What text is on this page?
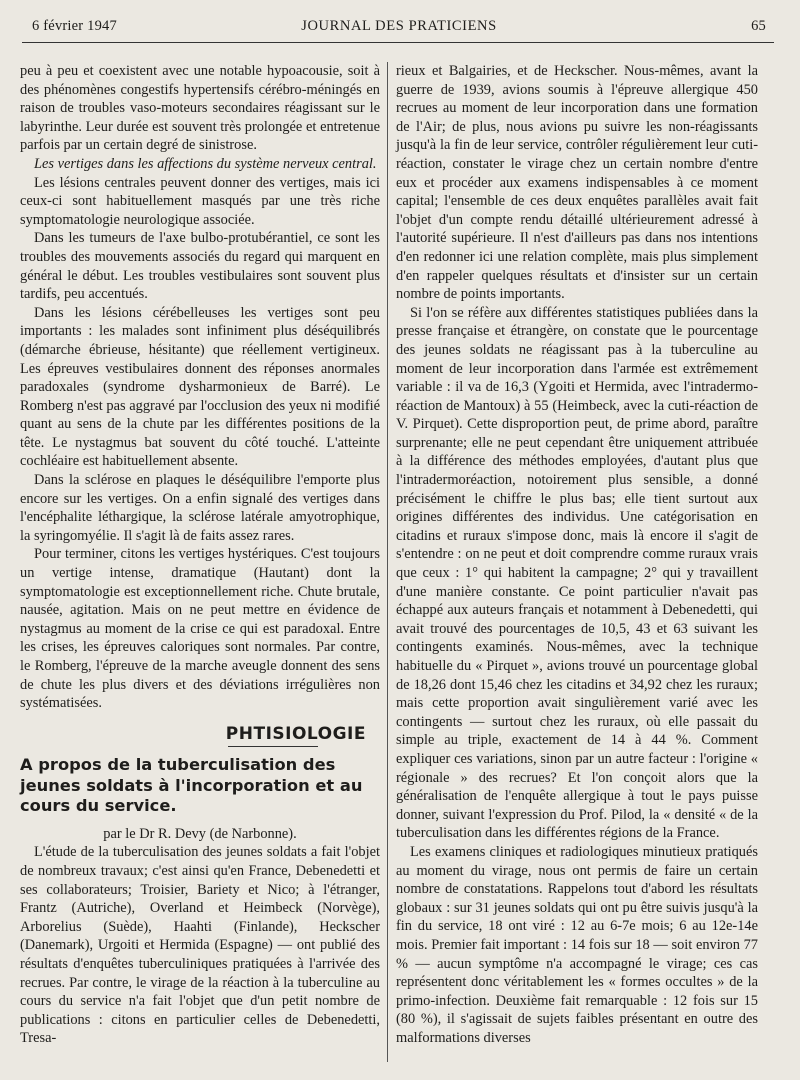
6 février 1947	JOURNAL DES PRATICIENS	65

peu à peu et coexistent avec une notable hypoacousie, soit à des phénomènes congestifs hypertensifs cérébro-méningés en raison de troubles vaso-moteurs secondaires réagissant sur le labyrinthe. Leur durée est souvent très prolongée et entretenue parfois par un certain degré de sinistrose.

Les vertiges dans les affections du système nerveux central.

Les lésions centrales peuvent donner des vertiges, mais ici ceux-ci sont habituellement masqués par une très riche symptomatologie neurologique associée.

Dans les tumeurs de l'axe bulbo-protubérantiel, ce sont les troubles des mouvements associés du regard qui marquent en général le début. Les troubles vestibulaires sont souvent plus tardifs, peu accentués.

Dans les lésions cérébelleuses les vertiges sont peu importants : les malades sont infiniment plus déséquilibrés (démarche ébrieuse, hésitante) que réellement vertigineux. Les épreuves vestibulaires donnent des réponses anormales paradoxales (syndrome dysharmonieux de Barré). Le Romberg n'est pas aggravé par l'occlusion des yeux ni modifié quant au sens de la chute par les différentes positions de la tête. Le nystagmus bat souvent du côté touché. L'atteinte cochléaire est habituellement absente.

Dans la sclérose en plaques le déséquilibre l'emporte plus encore sur les vertiges. On a enfin signalé des vertiges dans l'encéphalite léthargique, la sclérose latérale amyotrophique, la syringomyélie. Il s'agit là de faits assez rares.

Pour terminer, citons les vertiges hystériques. C'est toujours un vertige intense, dramatique (Hautant) dont la symptomatologie est exceptionnellement riche. Chute brutale, nausée, agitation. Mais on ne peut mettre en évidence de nystagmus au moment de la crise ce qui est paradoxal. Entre les crises, les épreuves caloriques sont normales. Par contre, le Romberg, l'épreuve de la marche aveugle donnent des sens de chute les plus divers et des déviations irrégulières non systématisées.

PHTISIOLOGIE
A propos de la tuberculisation des jeunes soldats à l'incorporation et au cours du service.

par le Dr R. Devy (de Narbonne).

L'étude de la tuberculisation des jeunes soldats a fait l'objet de nombreux travaux; c'est ainsi qu'en France, Debenedetti et ses collaborateurs; Troisier, Bariety et Nico; à l'étranger, Frantz (Autriche), Overland et Heimbeck (Norvège), Arborelius (Suède), Haahti (Finlande), Heckscher (Danemark), Urgoiti et Hermida (Espagne) — ont publié des résultats d'enquêtes tuberculiniques pratiquées à l'arrivée des recrues. Par contre, le virage de la réaction à la tuberculine au cours du service n'a fait l'objet que d'un petit nombre de publications : citons en particulier celles de Debenedetti, Tresa-

rieux et Balgairies, et de Heckscher. Nous-mêmes, avant la guerre de 1939, avions soumis à l'épreuve allergique 450 recrues au moment de leur incorporation dans une formation de l'Air; de plus, nous avions pu suivre les non-réagissants jusqu'à la fin de leur service, contrôler régulièrement leur cuti-réaction, constater le virage chez un certain nombre d'entre eux et procéder aux examens indispensables à ce moment capital; l'ensemble de ces deux enquêtes parallèles avait fait l'objet d'un compte rendu détaillé ultérieurement adressé à l'autorité supérieure. Il n'est d'ailleurs pas dans nos intentions d'en redonner ici une relation complète, mais plus simplement d'en rappeler quelques résultats et d'insister sur un certain nombre de points importants.

Si l'on se réfère aux différentes statistiques publiées dans la presse française et étrangère, on constate que le pourcentage des jeunes soldats ne réagissant pas à la tuberculine au moment de leur incorporation dans l'armée est extrêmement variable : il va de 16,3 (Ygoiti et Hermida, avec l'intradermo-réaction de Mantoux) à 55 (Heimbeck, avec la cuti-réaction de V. Pirquet). Cette disproportion peut, de prime abord, paraître surprenante; elle ne peut cependant être uniquement attribuée à la différence des méthodes employées, d'autant plus que l'intradermoréaction, notoirement plus sensible, a donné précisément le chiffre le plus bas; elle tient surtout aux origines différentes des individus. Une catégorisation en citadins et ruraux s'impose donc, mais là encore il s'agit de s'entendre : on ne peut et doit comprendre comme ruraux vrais que ceux : 1° qui habitent la campagne; 2° qui y travaillent d'une manière constante. Ce point particulier n'avait pas échappé aux auteurs français et notamment à Debenedetti, qui avait trouvé des pourcentages de 10,5, 43 et 63 suivant les contingents examinés. Nous-mêmes, avec la technique habituelle du « Pirquet », avions trouvé un pourcentage global de 18,26 dont 15,46 chez les citadins et 34,92 chez les ruraux; mais cette proportion avait singulièrement varié avec les contingents — surtout chez les ruraux, où elle passait du simple au triple, exactement de 14 à 44 %. Comment expliquer ces variations, sinon par un autre facteur : l'origine « régionale » des recrues? Et l'on conçoit alors que la généralisation de l'enquête allergique à tout le pays puisse donner, suivant l'expression du Prof. Pilod, la « densité « de la tuberculisation dans les différentes régions de la France.

Les examens cliniques et radiologiques minutieux pratiqués au moment du virage, nous ont permis de faire un certain nombre de constatations. Rappelons tout d'abord les résultats globaux : sur 31 jeunes soldats qui ont pu être suivis jusqu'à la fin du service, 18 ont viré : 12 au 6-7e mois; 6 au 12e-14e mois. Premier fait important : 14 fois sur 18 — soit environ 77 % — aucun symptôme n'a accompagné le virage; ces cas représentent donc véritablement les « formes occultes » de la primo-infection. Deuxième fait remarquable : 12 fois sur 15 (80 %), il s'agissait de sujets faibles présentant en outre des malformations diverses
